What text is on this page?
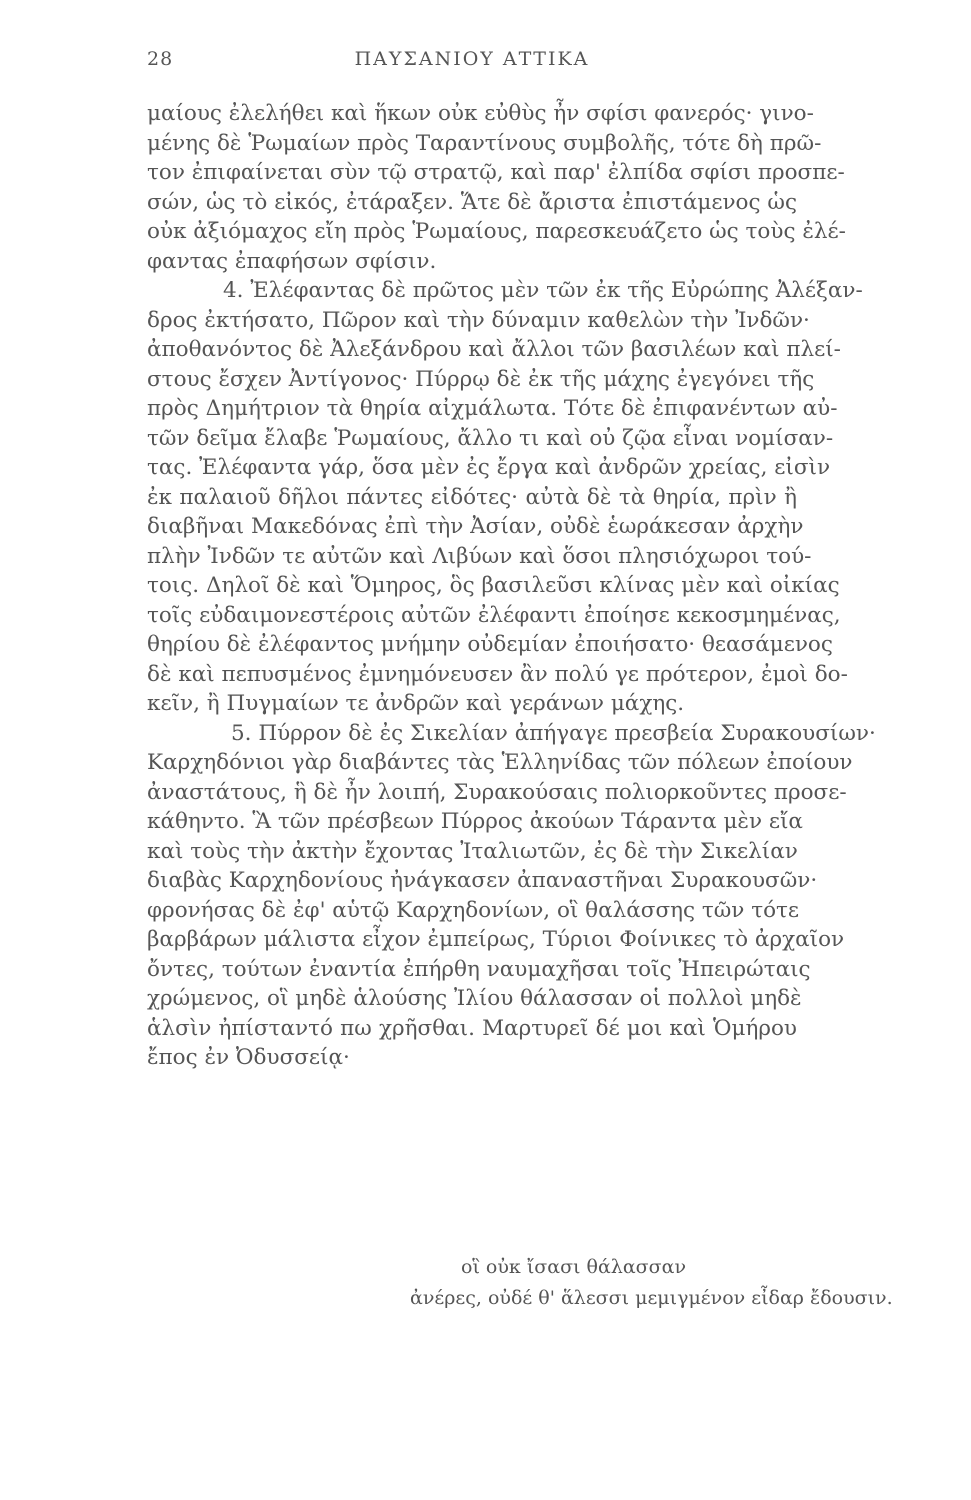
28	ΠΑΥΣΑΝΙΟΥ ΑΤΤΙΚΑ
μαίους ἐλελήθει καὶ ἥκων οὐκ εὐθὺς ἦν σφίσι φανερός· γινο-
μένης δὲ Ῥωμαίων πρὸς Ταραντίνους συμβολῆς, τότε δὴ πρῶ-
τον ἐπιφαίνεται σὺν τῷ στρατῷ, καὶ παρ' ἐλπίδα σφίσι προσπε-
σών, ὡς τὸ εἰκός, ἐτάραξεν. Ἅτε δὲ ἄριστα ἐπιστάμενος ὡς
οὐκ ἀξιόμαχος εἴη πρὸς Ῥωμαίους, παρεσκευάζετο ὡς τοὺς ἐλέ-
φαντας ἐπαφήσων σφίσιν.
4. Ἐλέφαντας δὲ πρῶτος μὲν τῶν ἐκ τῆς Εὐρώπης Ἀλέξαν-
δρος ἐκτήσατο, Πῶρον καὶ τὴν δύναμιν καθελὼν τὴν Ἰνδῶν·
ἀποθανόντος δὲ Ἀλεξάνδρου καὶ ἄλλοι τῶν βασιλέων καὶ πλεί-
στους ἔσχεν Ἀντίγονος· Πύρρῳ δὲ ἐκ τῆς μάχης ἐγεγόνει τῆς
πρὸς Δημήτριον τὰ θηρία αἰχμάλωτα. Τότε δὲ ἐπιφανέντων αὐ-
τῶν δεῖμα ἔλαβε Ῥωμαίους, ἄλλο τι καὶ οὐ ζῷα εἶναι νομίσαν-
τας. Ἐλέφαντα γάρ, ὅσα μὲν ἐς ἔργα καὶ ἀνδρῶν χρείας, εἰσὶν
ἐκ παλαιοῦ δῆλοι πάντες εἰδότες· αὐτὰ δὲ τὰ θηρία, πρὶν ἢ
διαβῆναι Μακεδόνας ἐπὶ τὴν Ἀσίαν, οὐδὲ ἑωράκεσαν ἀρχὴν
πλὴν Ἰνδῶν τε αὐτῶν καὶ Λιβύων καὶ ὅσοι πλησιόχωροι τού-
τοις. Δηλοῖ δὲ καὶ Ὅμηρος, ὃς βασιλεῦσι κλίνας μὲν καὶ οἰκίας
τοῖς εὐδαιμονεστέροις αὐτῶν ἐλέφαντι ἐποίησε κεκοσμημένας,
θηρίου δὲ ἐλέφαντος μνήμην οὐδεμίαν ἐποιήσατο· θεασάμενος
δὲ καὶ πεπυσμένος ἐμνημόνευσεν ἂν πολύ γε πρότερον, ἐμοὶ δο-
κεῖν, ἢ Πυγμαίων τε ἀνδρῶν καὶ γεράνων μάχης.
5. Πύρρον δὲ ἐς Σικελίαν ἀπήγαγε πρεσβεία Συρακουσίων·
Καρχηδόνιοι γὰρ διαβάντες τὰς Ἑλληνίδας τῶν πόλεων ἐποίουν
ἀναστάτους, ἣ δὲ ἦν λοιπή, Συρακούσαις πολιορκοῦντες προσε-
κάθηντο. Ἃ τῶν πρέσβεων Πύρρος ἀκούων Τάραντα μὲν εἴα
καὶ τοὺς τὴν ἀκτὴν ἔχοντας Ἰταλιωτῶν, ἐς δὲ τὴν Σικελίαν
διαβὰς Καρχηδονίους ἠνάγκασεν ἀπαναστῆναι Συρακουσῶν·
φρονήσας δὲ ἐφ' αὑτῷ Καρχηδονίων, οἳ θαλάσσης τῶν τότε
βαρβάρων μάλιστα εἶχον ἐμπείρως, Τύριοι Φοίνικες τὸ ἀρχαῖον
ὄντες, τούτων ἐναντία ἐπήρθη ναυμαχῆσαι τοῖς Ἠπειρώταις
χρώμενος, οἳ μηδὲ ἁλούσης Ἰλίου θάλασσαν οἱ πολλοὶ μηδὲ
ἁλσὶν ἠπίσταντό πω χρῆσθαι. Μαρτυρεῖ δέ μοι καὶ Ὁμήρου
ἔπος ἐν Ὀδυσσείᾳ·
οἳ οὐκ ἴσασι θάλασσαν
ἀνέρες, οὐδέ θ' ἅλεσσι μεμιγμένον εἶδαρ ἔδουσιν.
